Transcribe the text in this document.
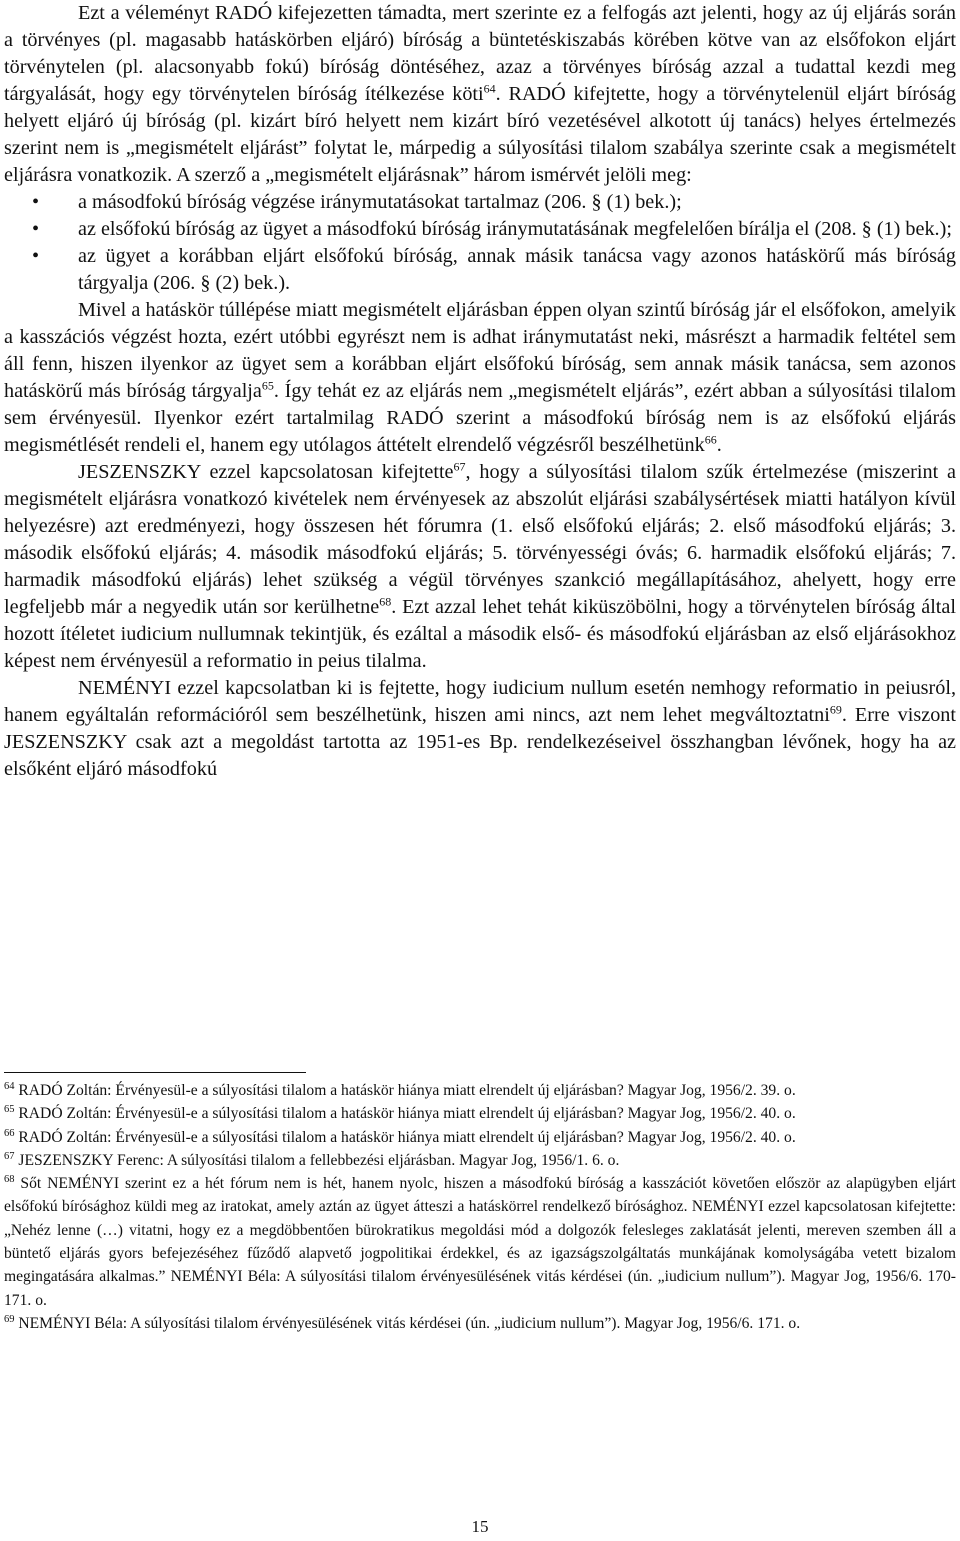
Ezt a véleményt RADÓ kifejezetten támadta, mert szerinte ez a felfogás azt jelenti, hogy az új eljárás során a törvényes (pl. magasabb hatáskörben eljáró) bíróság a büntetéskiszabás körében kötve van az elsőfokon eljárt törvénytelen (pl. alacsonyabb fokú) bíróság döntéséhez, azaz a törvényes bíróság azzal a tudattal kezdi meg tárgyalását, hogy egy törvénytelen bíróság ítélkezése köti$^{64}$. RADÓ kifejtette, hogy a törvénytelenül eljárt bíróság helyett eljáró új bíróság (pl. kizárt bíró helyett nem kizárt bíró vezetésével alkotott új tanács) helyes értelmezés szerint nem is „megismételt eljárást” folytat le, márpedig a súlyosítási tilalom szabálya szerinte csak a megismételt eljárásra vonatkozik. A szerző a „megismételt eljárásnak” három ismérvét jelöli meg:

• a másodfokú bíróság végzése iránymutatásokat tartalmaz (206. § (1) bek.);
• az elsőfokú bíróság az ügyet a másodfokú bíróság iránymutatásának megfelelően bírálja el (208. § (1) bek.);
• az ügyet a korábban eljárt elsőfokú bíróság, annak másik tanácsa vagy azonos hatáskörű más bíróság tárgyalja (206. § (2) bek.).

Mivel a hatáskör túllépése miatt megismételt eljárásban éppen olyan szintű bíróság jár el elsőfokon, amelyik a kasszációs végzést hozta, ezért utóbbi egyrészt nem is adhat iránymutatást neki, másrészt a harmadik feltétel sem áll fenn, hiszen ilyenkor az ügyet sem a korábban eljárt elsőfokú bíróság, sem annak másik tanácsa, sem azonos hatáskörű más bíróság tárgyalja$^{65}$. Így tehát ez az eljárás nem „megismételt eljárás”, ezért abban a súlyosítási tilalom sem érvényesül. Ilyenkor ezért tartalmilag RADÓ szerint a másodfokú bíróság nem is az elsőfokú eljárás megismétlését rendeli el, hanem egy utólagos áttételt elrendelő végzésről beszélhetünk$^{66}$.

JESZENSZKY ezzel kapcsolatosan kifejtette$^{67}$, hogy a súlyosítási tilalom szűk értelmezése (miszerint a megismételt eljárásra vonatkozó kivételek nem érvényesek az abszolút eljárási szabálysértések miatti hatályon kívül helyezésre) azt eredményezi, hogy összesen hét fórumra (1. első elsőfokú eljárás; 2. első másodfokú eljárás; 3. második elsőfokú eljárás; 4. második másodfokú eljárás; 5. törvényességi óvás; 6. harmadik elsőfokú eljárás; 7. harmadik másodfokú eljárás) lehet szükség a végül törvényes szankció megállapításához, ahelyett, hogy erre legfeljebb már a negyedik után sor kerülhetne$^{68}$. Ezt azzal lehet tehát kiküszöbölni, hogy a törvénytelen bíróság által hozott ítéletet iudicium nullumnak tekintjük, és ezáltal a második első- és másodfokú eljárásban az első eljárásokhoz képest nem érvényesül a reformatio in peius tilalma.

NEMÉNYI ezzel kapcsolatban ki is fejtette, hogy iudicium nullum esetén nemhogy reformatio in peiusról, hanem egyáltalán reformációról sem beszélhetünk, hiszen ami nincs, azt nem lehet megváltoztatni$^{69}$. Erre viszont JESZENSZKY csak azt a megoldást tartotta az 1951-es Bp. rendelkezéseivel összhangban lévőnek, hogy ha az elsőként eljáró másodfokú

$^{64}$ RADÓ Zoltán: Érvényesül-e a súlyosítási tilalom a hatáskör hiánya miatt elrendelt új eljárásban? Magyar Jog, 1956/2. 39. o.

$^{65}$ RADÓ Zoltán: Érvényesül-e a súlyosítási tilalom a hatáskör hiánya miatt elrendelt új eljárásban? Magyar Jog, 1956/2. 40. o.

$^{66}$ RADÓ Zoltán: Érvényesül-e a súlyosítási tilalom a hatáskör hiánya miatt elrendelt új eljárásban? Magyar Jog, 1956/2. 40. o.

$^{67}$ JESZENSZKY Ferenc: A súlyosítási tilalom a fellebbezési eljárásban. Magyar Jog, 1956/1. 6. o.

$^{68}$ Sőt NEMÉNYI szerint ez a hét fórum nem is hét, hanem nyolc, hiszen a másodfokú bíróság a kasszációt követően először az alapügyben eljárt elsőfokú bírósághoz küldi meg az iratokat, amely aztán az ügyet átteszi a hatáskörrel rendelkező bírósághoz. NEMÉNYI ezzel kapcsolatosan kifejtette: „Nehéz lenne (…) vitatni, hogy ez a megdöbbentően bürokratikus megoldási mód a dolgozók felesleges zaklatását jelenti, mereven szemben áll a büntető eljárás gyors befejezéséhez fűződő alapvető jogpolitikai érdekkel, és az igazságszolgáltatás munkájának komolyságába vetett bizalom megingatására alkalmas.” NEMÉNYI Béla: A súlyosítási tilalom érvényesülésének vitás kérdései (ún. „iudicium nullum”). Magyar Jog, 1956/6. 170-171. o.

$^{69}$ NEMÉNYI Béla: A súlyosítási tilalom érvényesülésének vitás kérdései (ún. „iudicium nullum”). Magyar Jog, 1956/6. 171. o.

15
